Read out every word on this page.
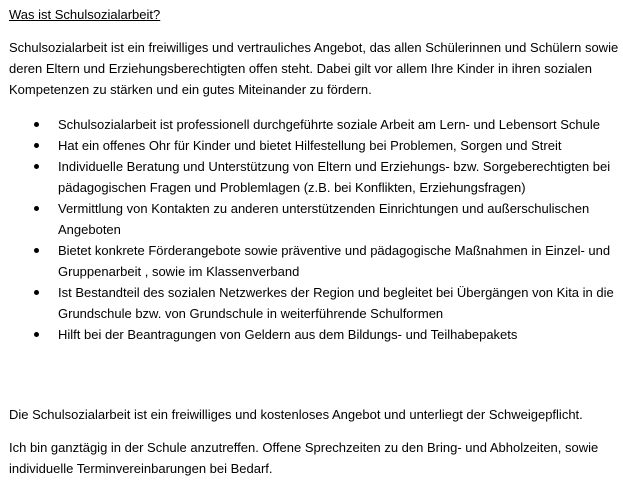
Was ist Schulsozialarbeit?

Schulsozialarbeit ist ein freiwilliges und vertrauliches Angebot, das allen Schülerinnen und Schülern sowie deren Eltern und Erziehungsberechtigten offen steht. Dabei gilt vor allem Ihre Kinder in ihren sozialen Kompetenzen zu stärken und ein gutes Miteinander zu fördern.

Schulsozialarbeit ist professionell durchgeführte soziale Arbeit am Lern- und Lebensort Schule
Hat ein offenes Ohr für Kinder und bietet Hilfestellung bei Problemen, Sorgen und Streit
Individuelle Beratung und Unterstützung von Eltern und Erziehungs- bzw. Sorgeberechtigten bei pädagogischen Fragen und Problemlagen (z.B. bei Konflikten, Erziehungsfragen)
Vermittlung von Kontakten zu anderen unterstützenden Einrichtungen und außerschulischen Angeboten
Bietet konkrete Förderangebote sowie präventive und pädagogische Maßnahmen in Einzel- und Gruppenarbeit , sowie im Klassenverband
Ist Bestandteil des sozialen Netzwerkes der Region und begleitet bei Übergängen von Kita in die Grundschule bzw. von Grundschule in weiterführende Schulformen
Hilft bei der Beantragungen von Geldern aus dem Bildungs- und Teilhabepakets

Die Schulsozialarbeit ist ein freiwilliges und kostenloses Angebot und unterliegt der Schweigepflicht.

Ich bin ganztägig in der Schule anzutreffen. Offene Sprechzeiten zu den Bring- und Abholzeiten, sowie individuelle Terminvereinbarungen bei Bedarf.
